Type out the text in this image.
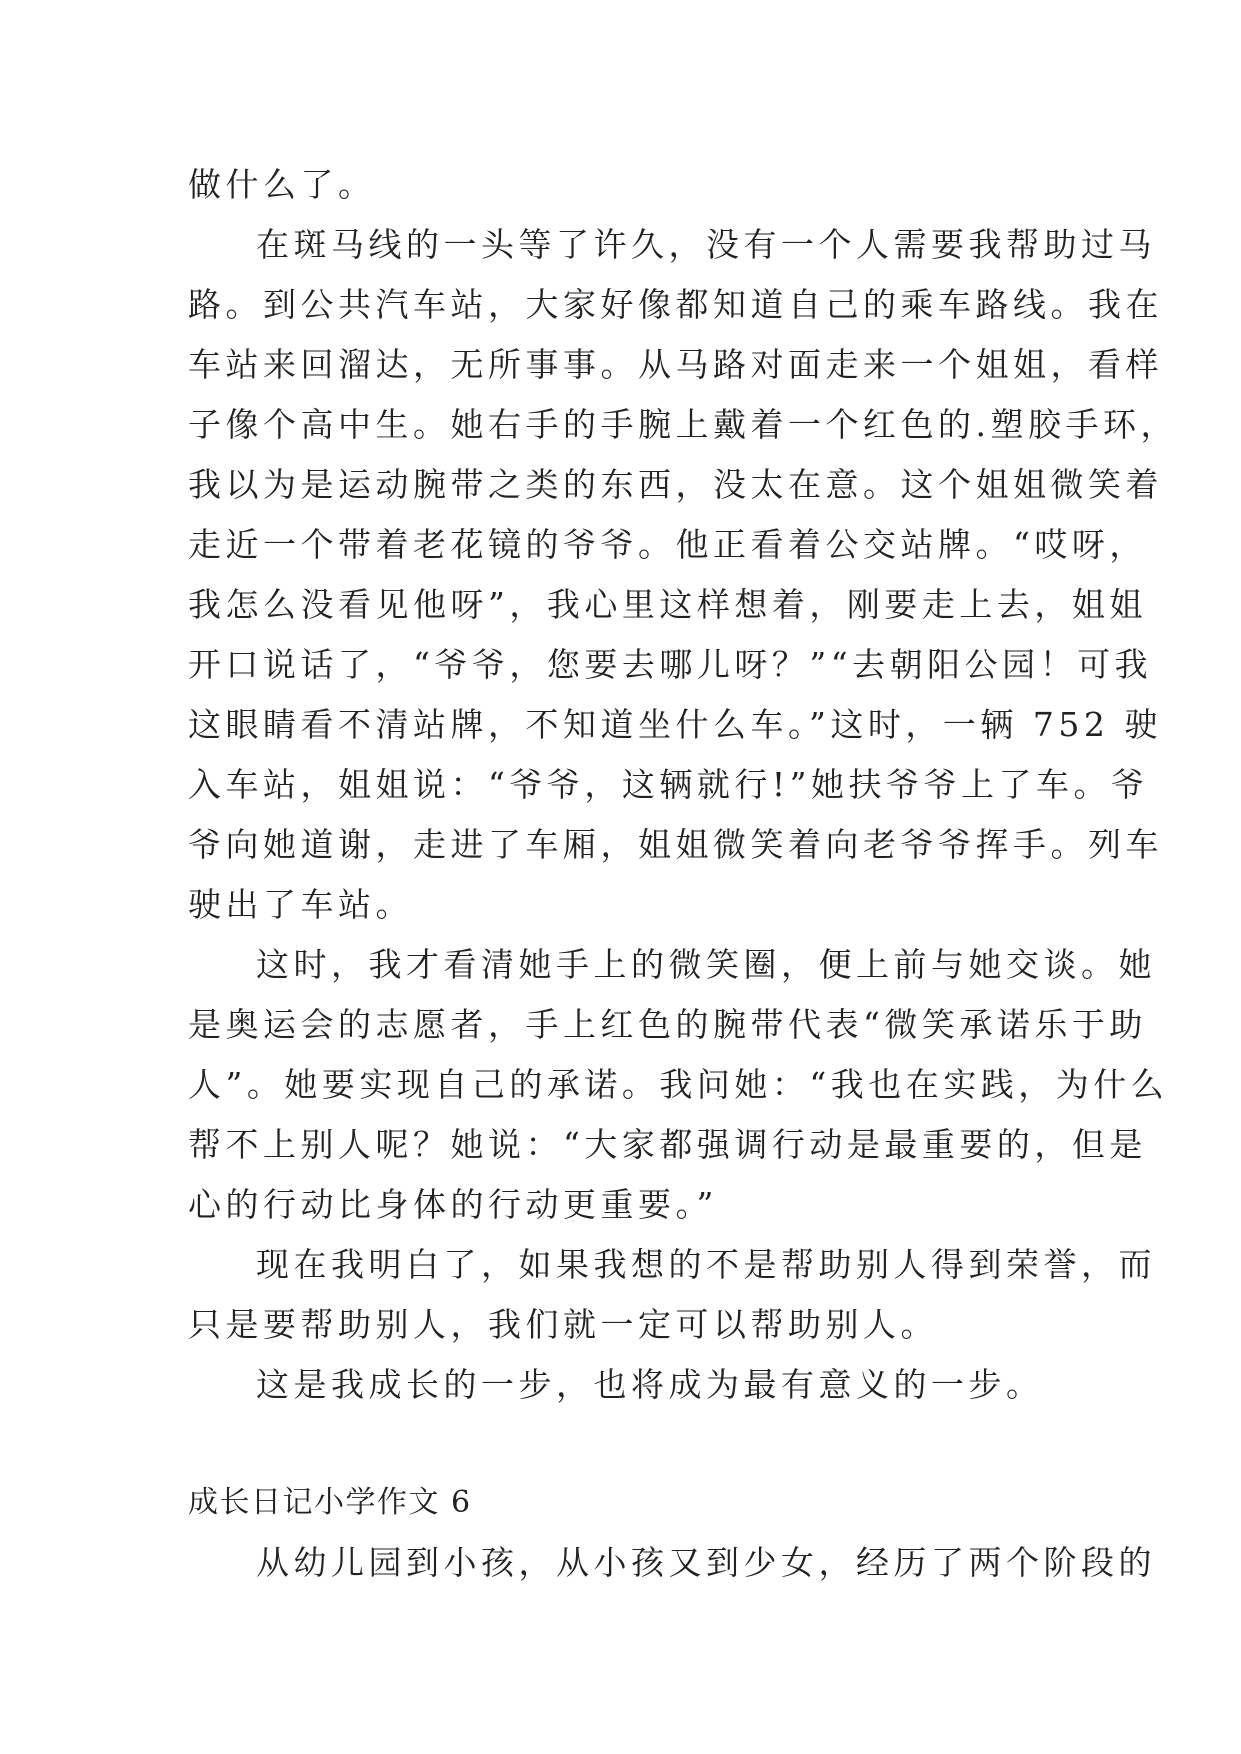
做什么了。
在斑马线的一头等了许久，没有一个人需要我帮助过马
路。到公共汽车站，大家好像都知道自己的乘车路线。我在
车站来回溜达，无所事事。从马路对面走来一个姐姐，看样
子像个高中生。她右手的手腕上戴着一个红色的.塑胶手环，
我以为是运动腕带之类的东西，没太在意。这个姐姐微笑着
走近一个带着老花镜的爷爷。他正看着公交站牌。“哎呀，
我怎么没看见他呀”，我心里这样想着，刚要走上去，姐姐
开口说话了，“爷爷，您要去哪儿呀？”“去朝阳公园！可我
这眼睛看不清站牌，不知道坐什么车。”这时，一辆 752 驶
入车站，姐姐说：“爷爷，这辆就行!”她扶爷爷上了车。爷
爷向她道谢，走进了车厢，姐姐微笑着向老爷爷挥手。列车
驶出了车站。
这时，我才看清她手上的微笑圈，便上前与她交谈。她
是奥运会的志愿者，手上红色的腕带代表“微笑承诺乐于助
人”。她要实现自己的承诺。我问她：“我也在实践，为什么
帮不上别人呢？她说：“大家都强调行动是最重要的，但是
心的行动比身体的行动更重要。”
现在我明白了，如果我想的不是帮助别人得到荣誉，而
只是要帮助别人，我们就一定可以帮助别人。
这是我成长的一步，也将成为最有意义的一步。
成长日记小学作文 6
从幼儿园到小孩，从小孩又到少女，经历了两个阶段的
